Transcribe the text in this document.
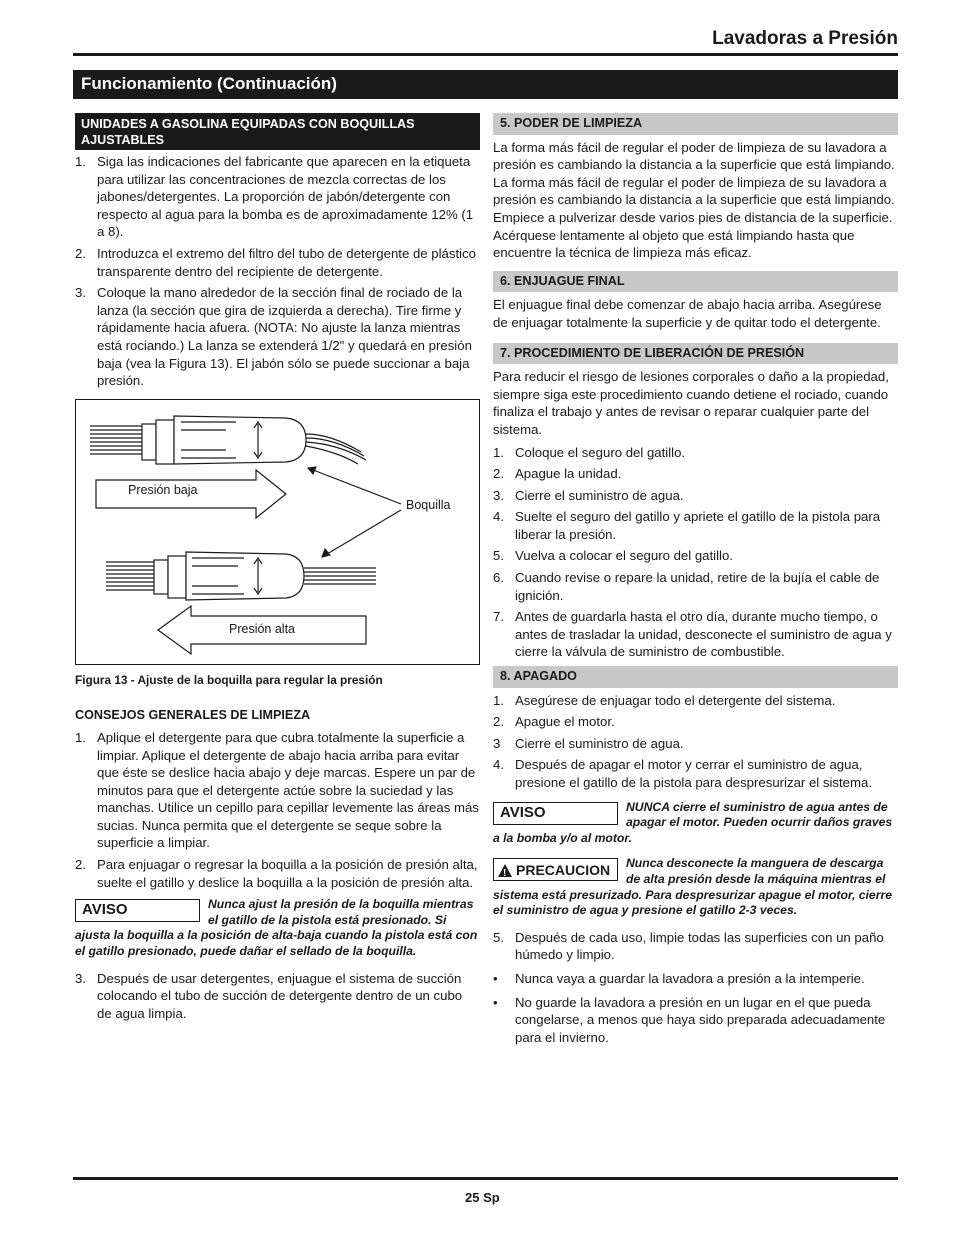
Lavadoras a Presión
Funcionamiento (Continuación)
UNIDADES A GASOLINA EQUIPADAS CON BOQUILLAS AJUSTABLES
1. Siga las indicaciones del fabricante que aparecen en la etiqueta para utilizar las concentraciones de mezcla correctas de los jabones/detergentes. La proporción de jabón/detergente con respecto al agua para la bomba es de aproximadamente 12% (1 a 8).
2. Introduzca el extremo del filtro del tubo de detergente de plástico transparente dentro del recipiente de detergente.
3. Coloque la mano alrededor de la sección final de rociado de la lanza (la sección que gira de izquierda a derecha). Tire firme y rápidamente hacia afuera. (NOTA: No ajuste la lanza mientras está rociando.) La lanza se extenderá 1/2" y quedará en presión baja (vea la Figura 13). El jabón sólo se puede succionar a baja presión.
Presión baja
Boquilla
Presión alta
Figura 13 - Ajuste de la boquilla para regular la presión
CONSEJOS GENERALES DE LIMPIEZA
1. Aplique el detergente para que cubra totalmente la superficie a limpiar. Aplique el detergente de abajo hacia arriba para evitar que éste se deslice hacia abajo y deje marcas. Espere un par de minutos para que el detergente actúe sobre la suciedad y las manchas. Utilice un cepillo para cepillar levemente las áreas más sucias. Nunca permita que el detergente se seque sobre la superficie a limpiar.
2. Para enjuagar o regresar la boquilla a la posición de presión alta, suelte el gatillo y deslice la boquilla a la posición de presión alta.
AVISO	Nunca ajust la presión de la boquilla mientras el gatillo de la pistola está presionado. Si ajusta la boquilla a la posición de alta-baja cuando la pistola está con el gatillo presionado, puede dañar el sellado de la boquilla.
3. Después de usar detergentes, enjuague el sistema de succión colocando el tubo de succión de detergente dentro de un cubo de agua limpia.
5. PODER DE LIMPIEZA

La forma más fácil de regular el poder de limpieza de su lavadora a presión es cambiando la distancia a la superficie que está limpiando. La forma más fácil de regular el poder de limpieza de su lavadora a presión es cambiando la distancia a la superficie que está limpiando. Empiece a pulverizar desde varios pies de distancia de la superficie. Acérquese lentamente al objeto que está limpiando hasta que encuentre la técnica de limpieza más eficaz.

6. ENJUAGUE FINAL

El enjuague final debe comenzar de abajo hacia arriba. Asegúrese de enjuagar totalmente la superficie y de quitar todo el detergente.

7. PROCEDIMIENTO DE LIBERACIÓN DE PRESIÓN

Para reducir el riesgo de lesiones corporales o daño a la propiedad, siempre siga este procedimiento cuando detiene el rociado, cuando finaliza el trabajo y antes de revisar o reparar cualquier parte del sistema.

1. Coloque el seguro del gatillo.
2. Apague la unidad.
3. Cierre el suministro de agua.
4. Suelte el seguro del gatillo y apriete el gatillo de la pistola para liberar la presión.
5. Vuelva a colocar el seguro del gatillo.
6. Cuando revise o repare la unidad, retire de la bujía el cable de ignición.
7. Antes de guardarla hasta el otro día, durante mucho tiempo, o antes de trasladar la unidad, desconecte el suministro de agua y cierre la válvula de suministro de combustible.
8. APAGADO
1. Asegúrese de enjuagar todo el detergente del sistema.
2. Apague el motor.
3 Cierre el suministro de agua.
4. Después de apagar el motor y cerrar el suministro de agua, presione el gatillo de la pistola para despresurizar el sistema.
AVISO	NUNCA cierre el suministro de agua antes de apagar el motor. Pueden ocurrir daños graves a la bomba y/o al motor.
! PRECAUCION Nunca desconecte la manguera de descarga de alta presión desde la máquina mientras el sistema está presurizado. Para despresurizar apague el motor, cierre el suministro de agua y presione el gatillo 2-3 veces.
5. Después de cada uso, limpie todas las superficies con un paño húmedo y limpio.
• Nunca vaya a guardar la lavadora a presión a la intemperie.
• No guarde la lavadora a presión en un lugar en el que pueda congelarse, a menos que haya sido preparada adecuadamente para el invierno.
25 Sp
